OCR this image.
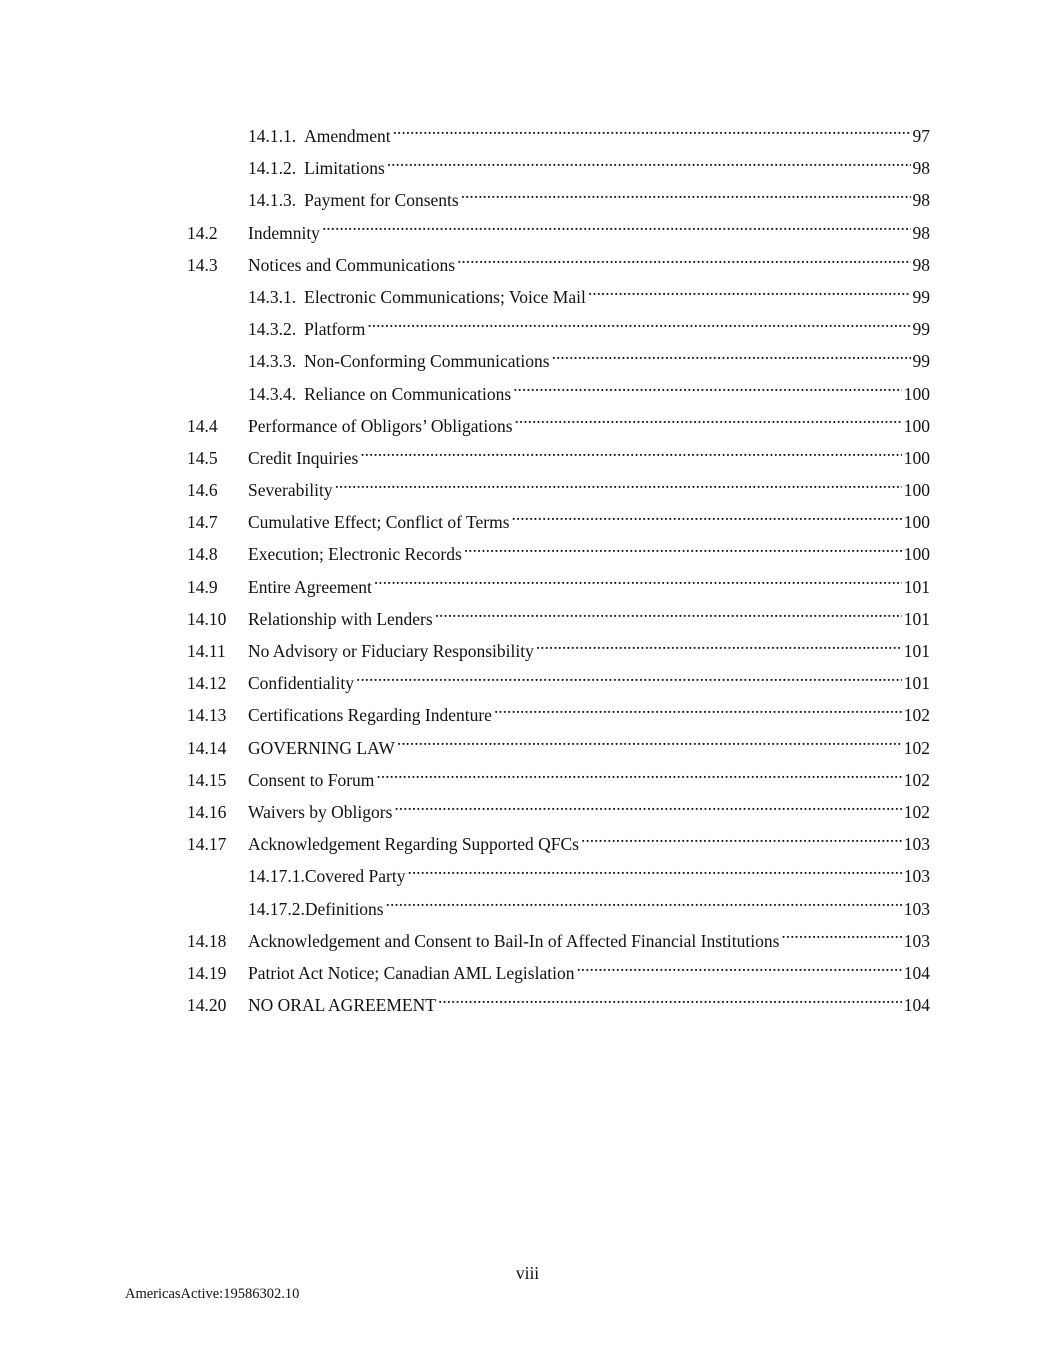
14.1.1. Amendment . . .	97
14.1.2. Limitations . . .	98
14.1.3. Payment for Consents . . .	98
14.2 Indemnity . . .	98
14.3 Notices and Communications . . .	98
14.3.1. Electronic Communications; Voice Mail . . .	99
14.3.2. Platform . . .	99
14.3.3. Non-Conforming Communications . . .	99
14.3.4. Reliance on Communications . . .	100
14.4 Performance of Obligors’ Obligations . . .	100
14.5 Credit Inquiries . . .	100
14.6 Severability . . .	100
14.7 Cumulative Effect; Conflict of Terms . . .	100
14.8 Execution; Electronic Records . . .	100
14.9 Entire Agreement . . .	101
14.10 Relationship with Lenders . . .	101
14.11 No Advisory or Fiduciary Responsibility . . .	101
14.12 Confidentiality . . .	101
14.13 Certifications Regarding Indenture . . .	102
14.14 GOVERNING LAW . . .	102
14.15 Consent to Forum . . .	102
14.16 Waivers by Obligors . . .	102
14.17 Acknowledgement Regarding Supported QFCs . . .	103
14.17.1.Covered Party . . .	103
14.17.2.Definitions . . .	103
14.18 Acknowledgement and Consent to Bail-In of Affected Financial Institutions . . .	103
14.19 Patriot Act Notice; Canadian AML Legislation . . .	104
14.20 NO ORAL AGREEMENT . . .	104
viii
AmericasActive:19586302.10
